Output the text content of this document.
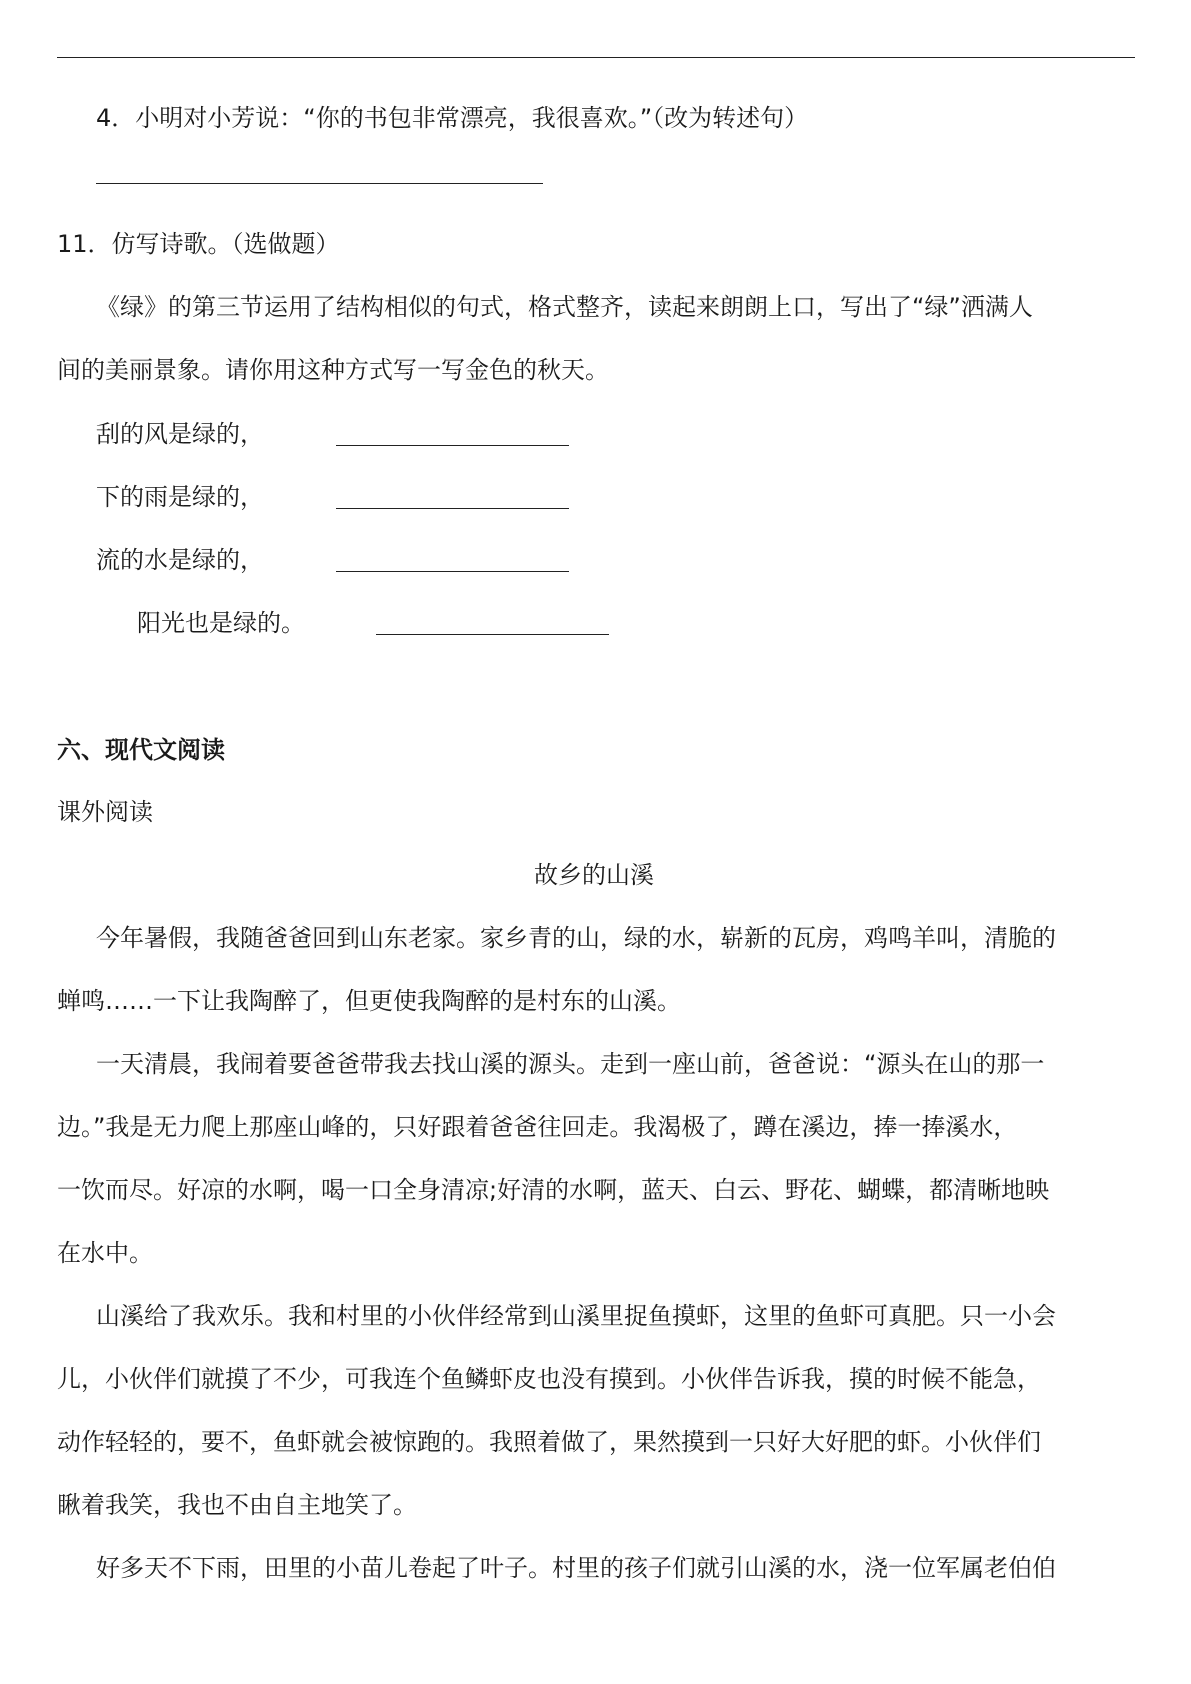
4．小明对小芳说：“你的书包非常漂亮，我很喜欢。”（改为转述句）
11．仿写诗歌。（选做题）
《绿》的第三节运用了结构相似的句式，格式整齐，读起来朗朗上口，写出了“绿”洒满人
间的美丽景象。请你用这种方式写一写金色的秋天。
刮的风是绿的，
下的雨是绿的，
流的水是绿的，
阳光也是绿的。
六、现代文阅读
课外阅读
故乡的山溪
今年暑假，我随爸爸回到山东老家。家乡青的山，绿的水，崭新的瓦房，鸡鸣羊叫，清脆的
蝉鸣……一下让我陶醉了，但更使我陶醉的是村东的山溪。
一天清晨，我闹着要爸爸带我去找山溪的源头。走到一座山前，爸爸说：“源头在山的那一
边。”我是无力爬上那座山峰的，只好跟着爸爸往回走。我渴极了，蹲在溪边，捧一捧溪水，
一饮而尽。好凉的水啊，喝一口全身清凉;好清的水啊，蓝天、白云、野花、蝴蝶，都清晰地映
在水中。
山溪给了我欢乐。我和村里的小伙伴经常到山溪里捉鱼摸虾，这里的鱼虾可真肥。只一小会
儿，小伙伴们就摸了不少，可我连个鱼鳞虾皮也没有摸到。小伙伴告诉我，摸的时候不能急，
动作轻轻的，要不，鱼虾就会被惊跑的。我照着做了，果然摸到一只好大好肥的虾。小伙伴们
瞅着我笑，我也不由自主地笑了。
好多天不下雨，田里的小苗儿卷起了叶子。村里的孩子们就引山溪的水，浇一位军属老伯伯
